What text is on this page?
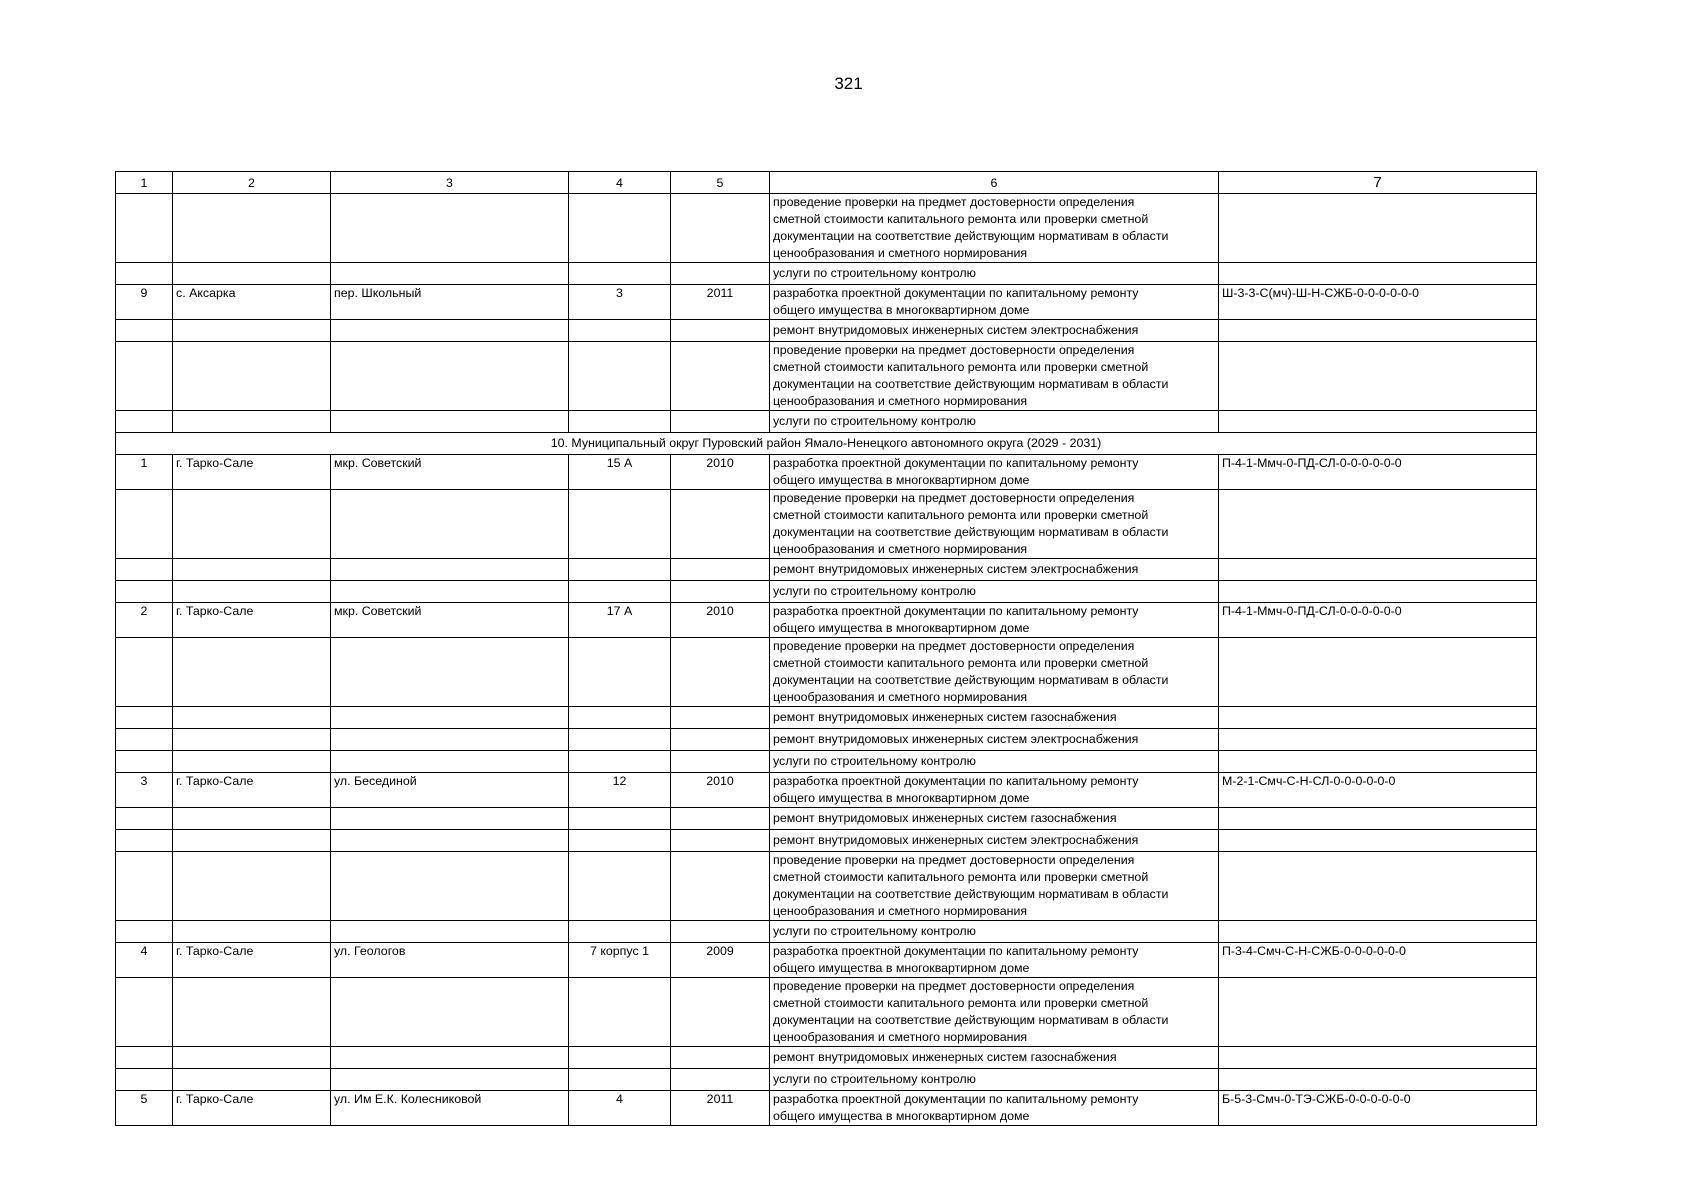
321
1	2	3	4	5	6	7
					проведение проверки на предмет достоверности определения
сметной стоимости капитального ремонта или проверки сметной
документации на соответствие действующим нормативам в области
ценообразования и сметного нормирования	
					услуги по строительному контролю	
9	с. Аксарка	пер. Школьный	3	2011	разработка проектной документации по капитальному ремонту
общего имущества в многоквартирном доме	Ш-3-3-С(мч)-Ш-Н-СЖБ-0-0-0-0-0-0
					ремонт внутридомовых инженерных систем электроснабжения	
					проведение проверки на предмет достоверности определения
сметной стоимости капитального ремонта или проверки сметной
документации на соответствие действующим нормативам в области
ценообразования и сметного нормирования	
					услуги по строительному контролю	
10. Муниципальный округ Пуровский район Ямало-Ненецкого автономного округа (2029 - 2031)						
1	г. Тарко-Сале	мкр. Советский	15 А	2010	разработка проектной документации по капитальному ремонту
общего имущества в многоквартирном доме	П-4-1-Ммч-0-ПД-СЛ-0-0-0-0-0-0
					проведение проверки на предмет достоверности определения
сметной стоимости капитального ремонта или проверки сметной
документации на соответствие действующим нормативам в области
ценообразования и сметного нормирования	
					ремонт внутридомовых инженерных систем электроснабжения	
					услуги по строительному контролю	
2	г. Тарко-Сале	мкр. Советский	17 А	2010	разработка проектной документации по капитальному ремонту
общего имущества в многоквартирном доме	П-4-1-Ммч-0-ПД-СЛ-0-0-0-0-0-0
					проведение проверки на предмет достоверности определения
сметной стоимости капитального ремонта или проверки сметной
документации на соответствие действующим нормативам в области
ценообразования и сметного нормирования	
					ремонт внутридомовых инженерных систем газоснабжения	
					ремонт внутридомовых инженерных систем электроснабжения	
					услуги по строительному контролю	
3	г. Тарко-Сале	ул. Бесединой	12	2010	разработка проектной документации по капитальному ремонту
общего имущества в многоквартирном доме	М-2-1-Смч-С-Н-СЛ-0-0-0-0-0-0
					ремонт внутридомовых инженерных систем газоснабжения	
					ремонт внутридомовых инженерных систем электроснабжения	
					проведение проверки на предмет достоверности определения
сметной стоимости капитального ремонта или проверки сметной
документации на соответствие действующим нормативам в области
ценообразования и сметного нормирования	
					услуги по строительному контролю	
4	г. Тарко-Сале	ул. Геологов	7 корпус 1	2009	разработка проектной документации по капитальному ремонту
общего имущества в многоквартирном доме	П-3-4-Смч-С-Н-СЖБ-0-0-0-0-0-0
					проведение проверки на предмет достоверности определения
сметной стоимости капитального ремонта или проверки сметной
документации на соответствие действующим нормативам в области
ценообразования и сметного нормирования	
					ремонт внутридомовых инженерных систем газоснабжения	
					услуги по строительному контролю	
5	г. Тарко-Сале	ул. Им Е.К. Колесниковой	4	2011	разработка проектной документации по капитальному ремонту
общего имущества в многоквартирном доме	Б-5-3-Смч-0-ТЭ-СЖБ-0-0-0-0-0-0
